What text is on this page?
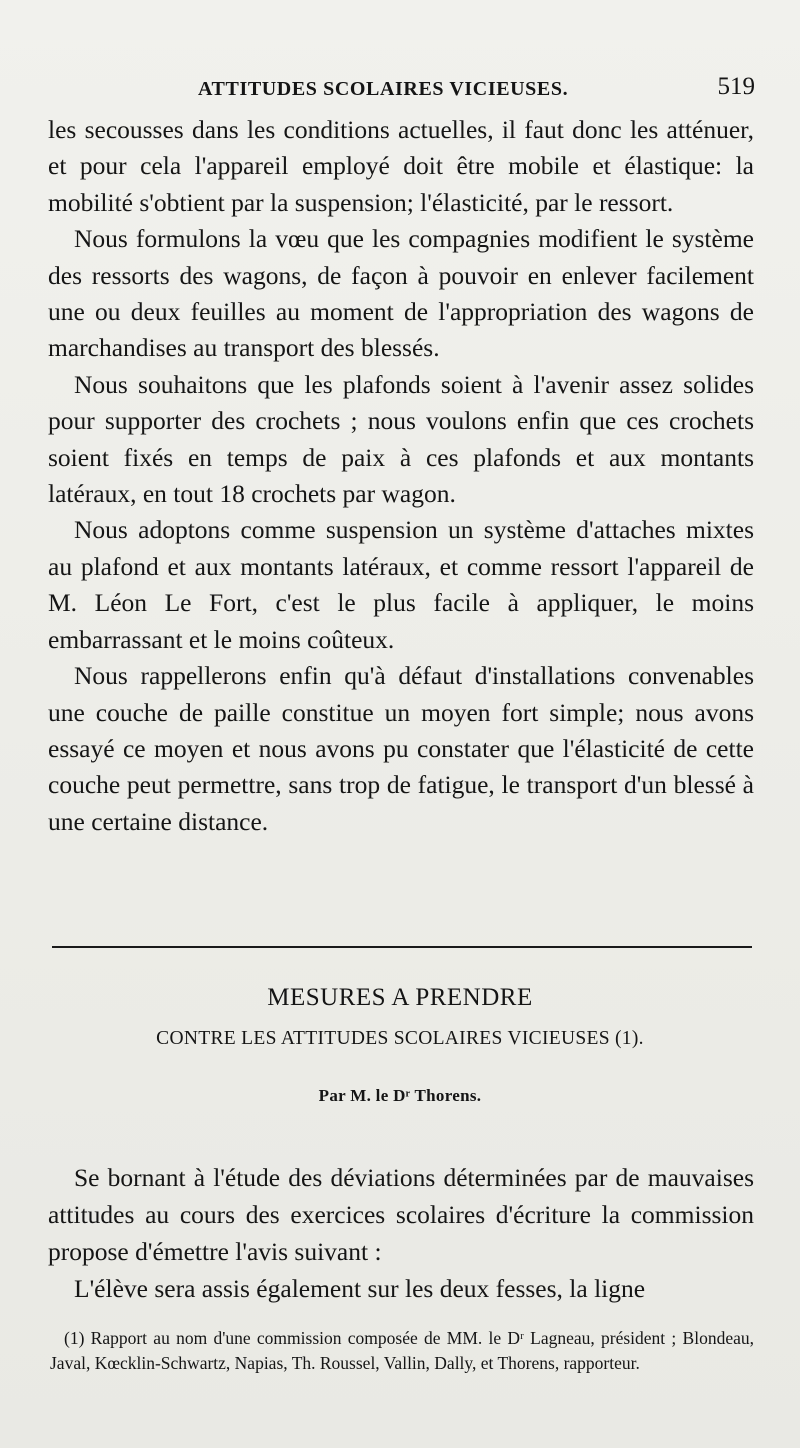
ATTITUDES SCOLAIRES VICIEUSES.	519

les secousses dans les conditions actuelles, il faut donc les atténuer, et pour cela l'appareil employé doit être mobile et élastique: la mobilité s'obtient par la suspension; l'élasticité, par le ressort.

Nous formulons la vœu que les compagnies modifient le système des ressorts des wagons, de façon à pouvoir en enlever facilement une ou deux feuilles au moment de l'appropriation des wagons de marchandises au transport des blessés.

Nous souhaitons que les plafonds soient à l'avenir assez solides pour supporter des crochets ; nous voulons enfin que ces crochets soient fixés en temps de paix à ces plafonds et aux montants latéraux, en tout 18 crochets par wagon.

Nous adoptons comme suspension un système d'attaches mixtes au plafond et aux montants latéraux, et comme ressort l'appareil de M. Léon Le Fort, c'est le plus facile à appliquer, le moins embarrassant et le moins coûteux.

Nous rappellerons enfin qu'à défaut d'installations convenables une couche de paille constitue un moyen fort simple; nous avons essayé ce moyen et nous avons pu constater que l'élasticité de cette couche peut permettre, sans trop de fatigue, le transport d'un blessé à une certaine distance.

MESURES A PRENDRE
CONTRE LES ATTITUDES SCOLAIRES VICIEUSES (1).
Par M. le Dʳ Thorens.

Se bornant à l'étude des déviations déterminées par de mauvaises attitudes au cours des exercices scolaires d'écriture la commission propose d'émettre l'avis suivant :

L'élève sera assis également sur les deux fesses, la ligne

(1) Rapport au nom d'une commission composée de MM. le Dʳ Lagneau, président ; Blondeau, Javal, Kœcklin-Schwartz, Napias, Th. Roussel, Vallin, Dally, et Thorens, rapporteur.
